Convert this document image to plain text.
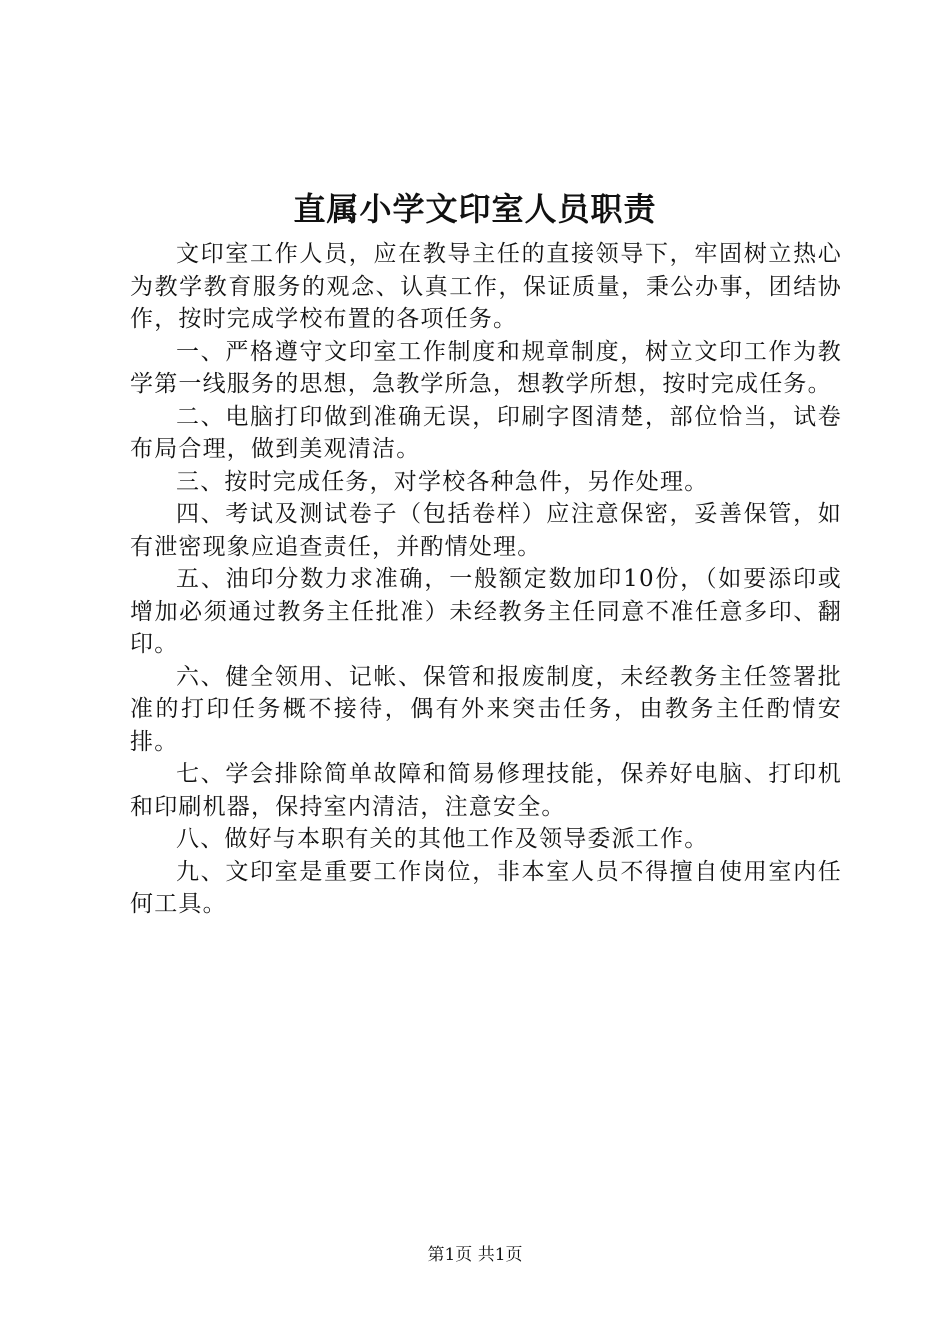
直属小学文印室人员职责

文印室工作人员，应在教导主任的直接领导下，牢固树立热心为教学教育服务的观念、认真工作，保证质量，秉公办事，团结协作，按时完成学校布置的各项任务。

一、严格遵守文印室工作制度和规章制度，树立文印工作为教学第一线服务的思想，急教学所急，想教学所想，按时完成任务。

二、电脑打印做到准确无误，印刷字图清楚，部位恰当，试卷布局合理，做到美观清洁。

三、按时完成任务，对学校各种急件，另作处理。

四、考试及测试卷子（包括卷样）应注意保密，妥善保管，如有泄密现象应追查责任，并酌情处理。

五、油印分数力求准确，一般额定数加印10份，（如要添印或增加必须通过教务主任批准）未经教务主任同意不准任意多印、翻印。

六、健全领用、记帐、保管和报废制度，未经教务主任签署批准的打印任务概不接待，偶有外来突击任务，由教务主任酌情安排。

七、学会排除简单故障和简易修理技能，保养好电脑、打印机和印刷机器，保持室内清洁，注意安全。

八、做好与本职有关的其他工作及领导委派工作。

九、文印室是重要工作岗位，非本室人员不得擅自使用室内任何工具。

第1页 共1页
